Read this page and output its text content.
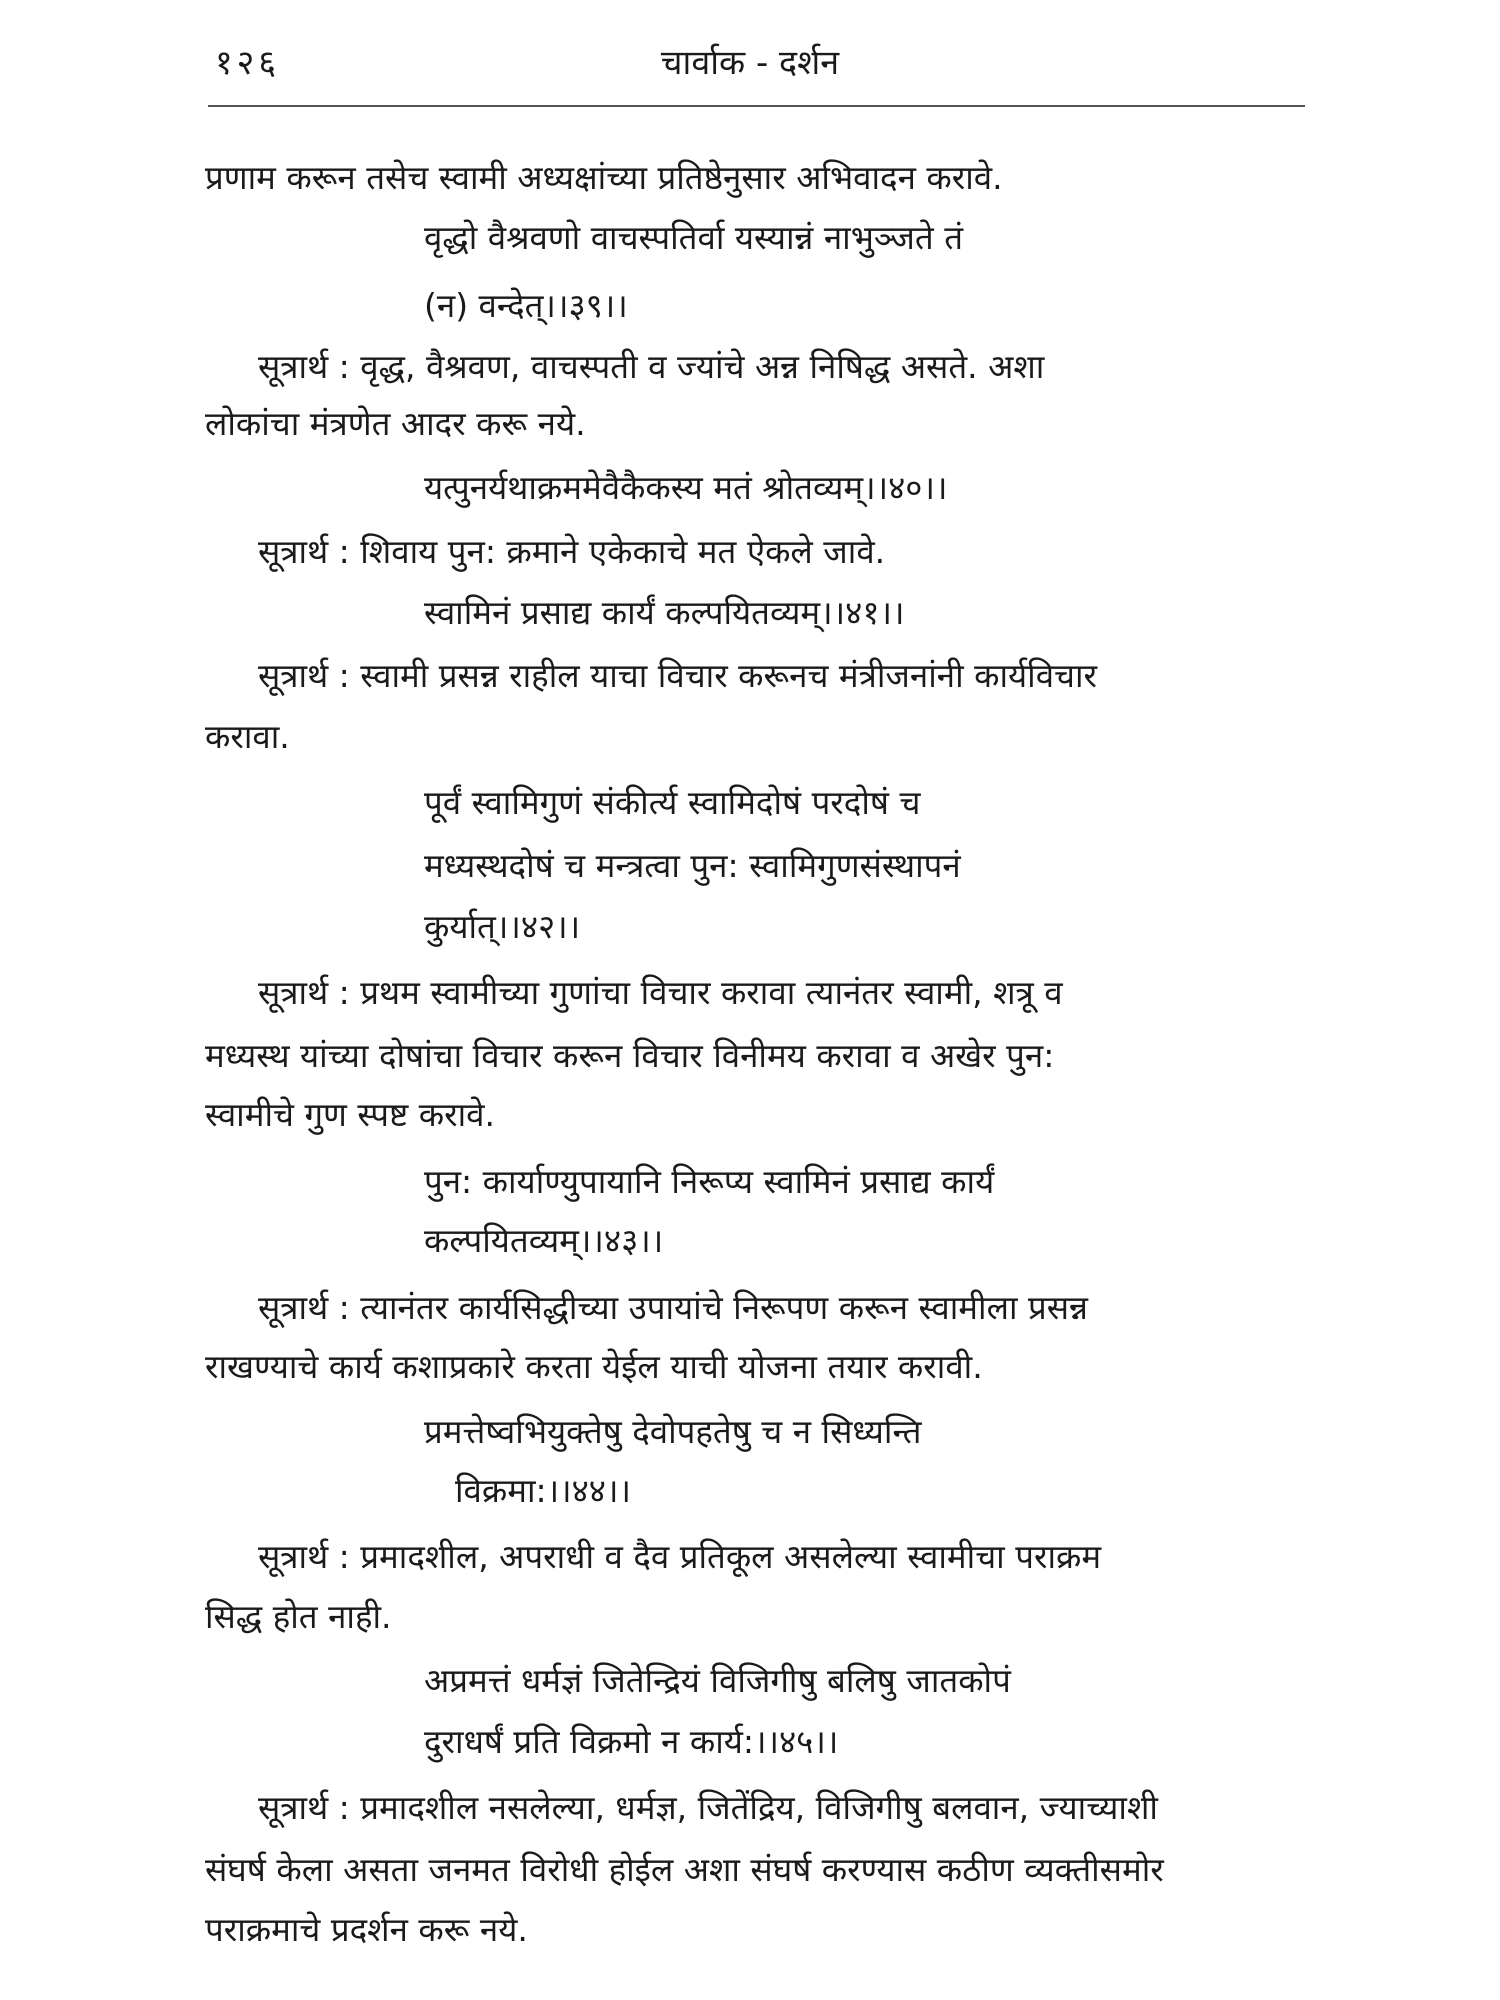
१२६	चार्वाक - दर्शन
प्रणाम करून तसेच स्वामी अध्यक्षांच्या प्रतिष्ठेनुसार अभिवादन करावे.
वृद्धो वैश्रवणो वाचस्पतिर्वा यस्यान्नं नाभुञ्जते तं
(न) वन्देत्।।३९।।
सूत्रार्थ : वृद्ध, वैश्रवण, वाचस्पती व ज्यांचे अन्न निषिद्ध असते. अशा
लोकांचा मंत्रणेत आदर करू नये.
यत्पुनर्यथाक्रममेवैकैकस्य मतं श्रोतव्यम्।।४०।।
सूत्रार्थ : शिवाय पुन: क्रमाने एकेकाचे मत ऐकले जावे.
स्वामिनं प्रसाद्य कार्यं कल्पयितव्यम्।।४१।।
सूत्रार्थ : स्वामी प्रसन्न राहील याचा विचार करूनच मंत्रीजनांनी कार्यविचार
करावा.
पूर्वं स्वामिगुणं संकीर्त्य स्वामिदोषं परदोषं च
मध्यस्थदोषं च मन्त्रत्वा पुन: स्वामिगुणसंस्थापनं
कुर्यात्।।४२।।
सूत्रार्थ : प्रथम स्वामीच्या गुणांचा विचार करावा त्यानंतर स्वामी, शत्रू व
मध्यस्थ यांच्या दोषांचा विचार करून विचार विनीमय करावा व अखेर पुन:
स्वामीचे गुण स्पष्ट करावे.
पुन: कार्याण्युपायानि निरूप्य स्वामिनं प्रसाद्य कार्यं
कल्पयितव्यम्।।४३।।
सूत्रार्थ : त्यानंतर कार्यसिद्धीच्या उपायांचे निरूपण करून स्वामीला प्रसन्न
राखण्याचे कार्य कशाप्रकारे करता येईल याची योजना तयार करावी.
प्रमत्तेष्वभियुक्तेषु देवोपहतेषु च न सिध्यन्ति
विक्रमा:।।४४।।
सूत्रार्थ : प्रमादशील, अपराधी व दैव प्रतिकूल असलेल्या स्वामीचा पराक्रम
सिद्ध होत नाही.
अप्रमत्तं धर्मज्ञं जितेन्द्रियं विजिगीषु बलिषु जातकोपं
दुराधर्षं प्रति विक्रमो न कार्य:।।४५।।
सूत्रार्थ : प्रमादशील नसलेल्या, धर्मज्ञ, जितेंद्रिय, विजिगीषु बलवान, ज्याच्याशी
संघर्ष केला असता जनमत विरोधी होईल अशा संघर्ष करण्यास कठीण व्यक्तीसमोर
पराक्रमाचे प्रदर्शन करू नये.
